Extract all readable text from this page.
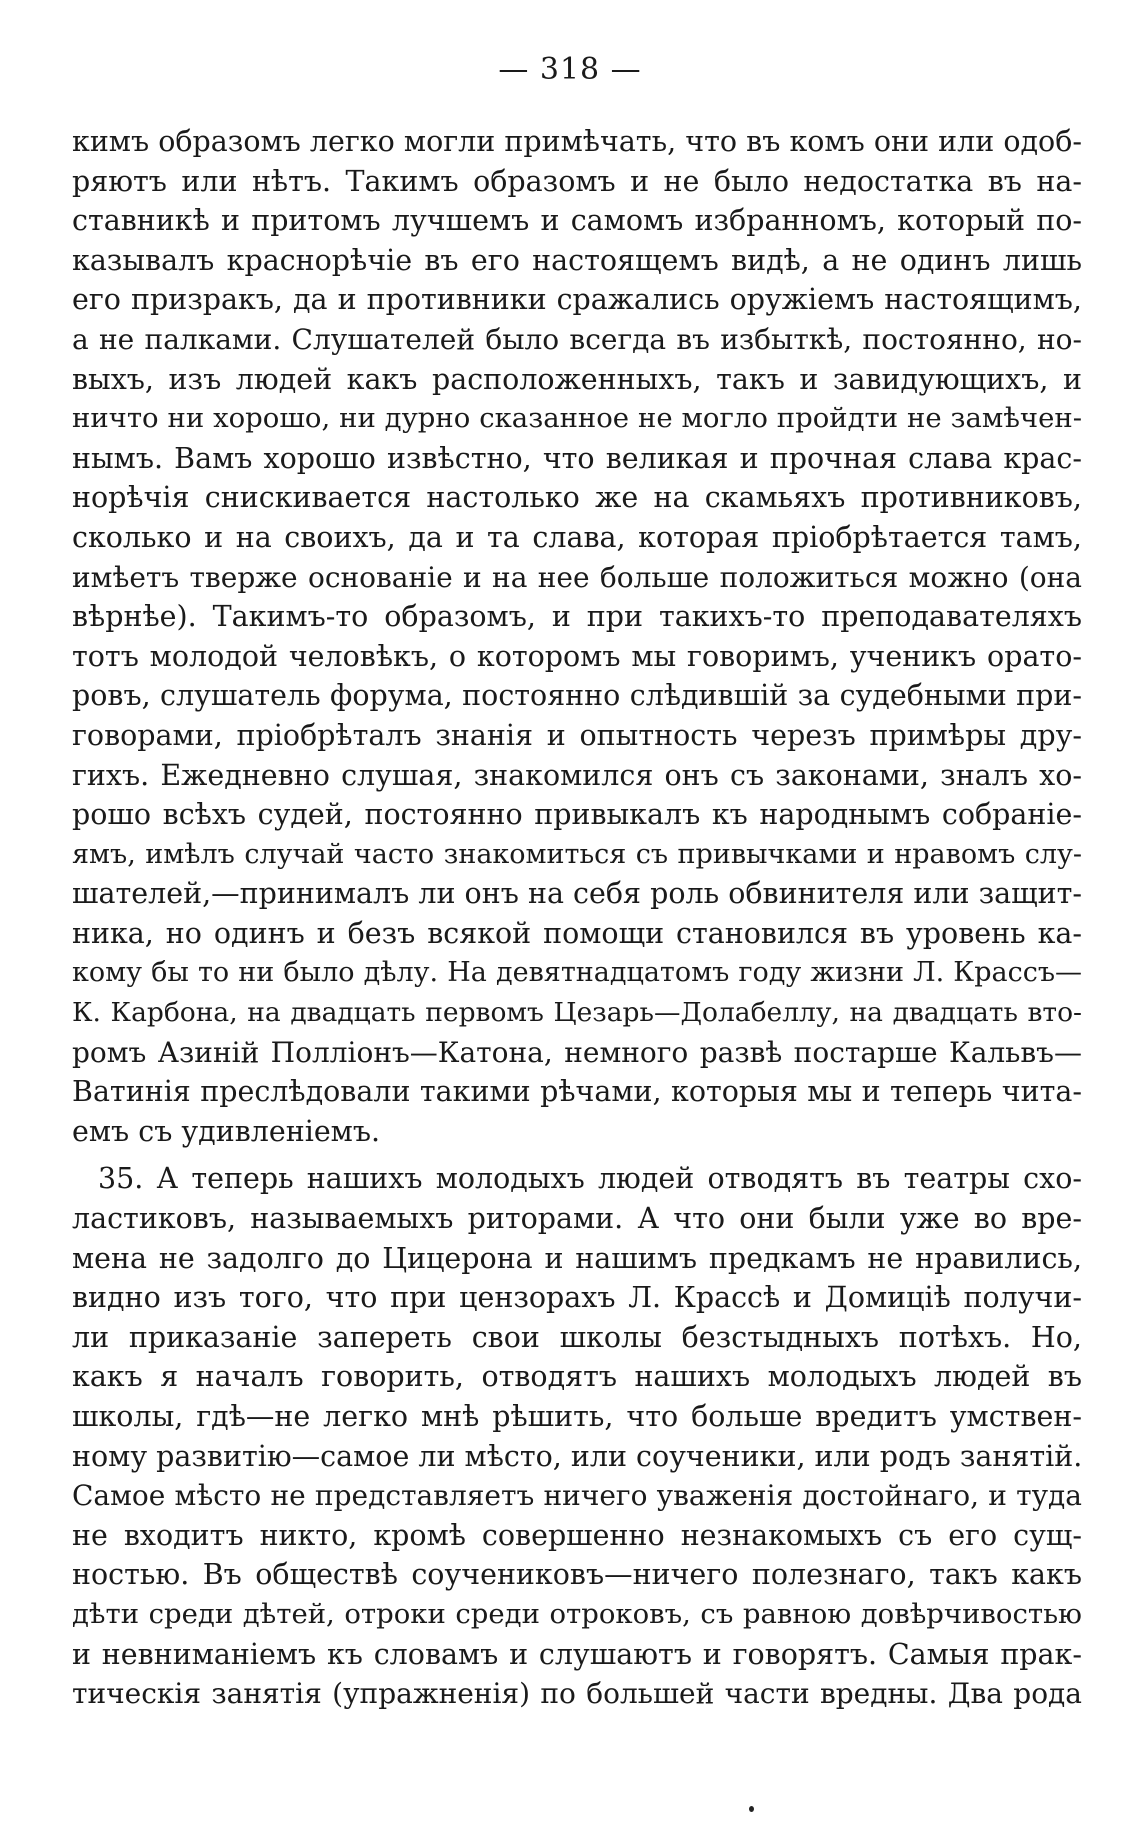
— 318 —
кимъ образомъ легко могли примѣчать, что въ комъ они или одоб-
ряютъ или нѣтъ. Такимъ образомъ и не было недостатка въ на-
ставникѣ и притомъ лучшемъ и самомъ избранномъ, который по-
казывалъ краснорѣчіе въ его настоящемъ видѣ, а не одинъ лишь
его призракъ, да и противники сражались оружіемъ настоящимъ,
а не палками. Слушателей было всегда въ избыткѣ, постоянно, но-
выхъ, изъ людей какъ расположенныхъ, такъ и завидующихъ, и
ничто ни хорошо, ни дурно сказанное не могло пройдти не замѣчен-
нымъ. Вамъ хорошо извѣстно, что великая и прочная слава крас-
норѣчія снискивается настолько же на скамьяхъ противниковъ,
сколько и на своихъ, да и та слава, которая пріобрѣтается тамъ,
имѣетъ тверже основаніе и на нее больше положиться можно (она
вѣрнѣе). Такимъ-то образомъ, и при такихъ-то преподавателяхъ
тотъ молодой человѣкъ, о которомъ мы говоримъ, ученикъ орато-
ровъ, слушатель форума, постоянно слѣдившій за судебными при-
говорами, пріобрѣталъ знанія и опытность черезъ примѣры дру-
гихъ. Ежедневно слушая, знакомился онъ съ законами, зналъ хо-
рошо всѣхъ судей, постоянно привыкалъ къ народнымъ собраніе-
ямъ, имѣлъ случай часто знакомиться съ привычками и нравомъ слу-
шателей,—принималъ ли онъ на себя роль обвинителя или защит-
ника, но одинъ и безъ всякой помощи становился въ уровень ка-
кому бы то ни было дѣлу. На девятнадцатомъ году жизни Л. Крассъ—
К. Карбона, на двадцать первомъ Цезарь—Долабеллу, на двадцать вто-
ромъ Азиній Полліонъ—Катона, немного развѣ постарше Кальвъ—
Ватинія преслѣдовали такими рѣчами, которыя мы и теперь чита-
емъ съ удивленіемъ.
35. А теперь нашихъ молодыхъ людей отводятъ въ театры схо-
ластиковъ, называемыхъ риторами. А что они были уже во вре-
мена не задолго до Цицерона и нашимъ предкамъ не нравились,
видно изъ того, что при цензорахъ Л. Крассѣ и Домиціѣ получи-
ли приказаніе запереть свои школы безстыдныхъ потѣхъ. Но,
какъ я началъ говорить, отводятъ нашихъ молодыхъ людей въ
школы, гдѣ—не легко мнѣ рѣшить, что больше вредитъ умствен-
ному развитію—самое ли мѣсто, или соученики, или родъ занятій.
Самое мѣсто не представляетъ ничего уваженія достойнаго, и туда
не входитъ никто, кромѣ совершенно незнакомыхъ съ его сущ-
ностью. Въ обществѣ соучениковъ—ничего полезнаго, такъ какъ
дѣти среди дѣтей, отроки среди отроковъ, съ равною довѣрчивостью
и невниманіемъ къ словамъ и слушаютъ и говорятъ. Самыя прак-
тическія занятія (упражненія) по большей части вредны. Два рода
